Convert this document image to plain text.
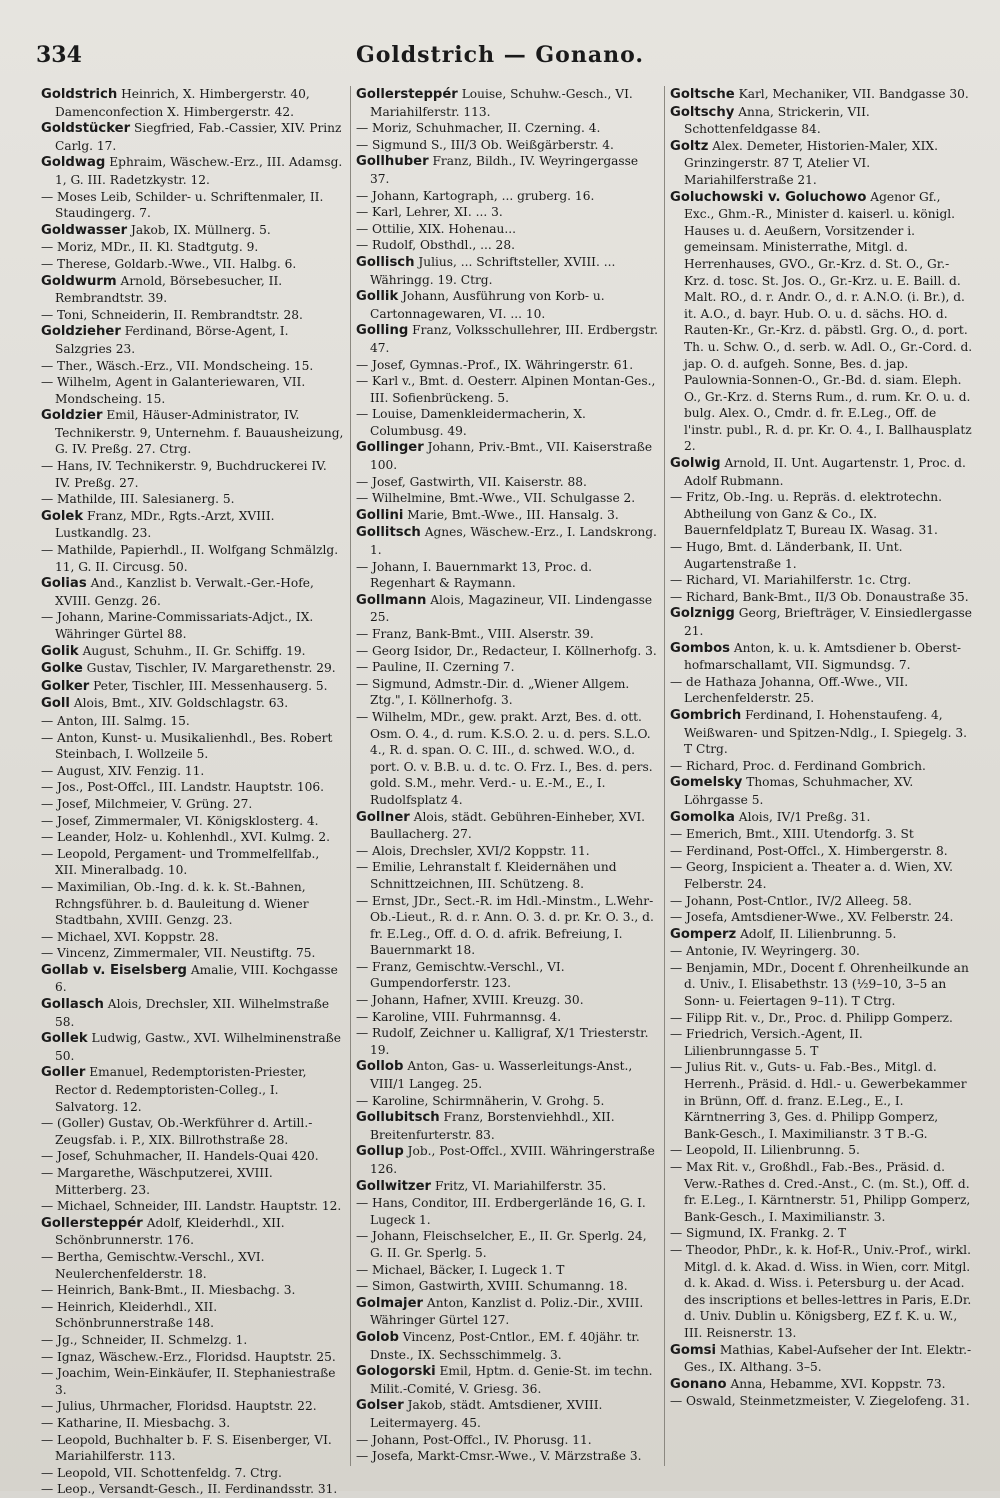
334	Goldstrich — Gonano.

Goldstrich Heinrich, X. Himbergerstr. 40, Damenconfection X. Himbergerstr. 42.

Goldstücker Siegfried, Fab.-Cassier, XIV. Prinz Carlg. 17.

Goldwag Ephraim, Wäschew.-Erz., III. Adamsg. 1, G. III. Radetzkystr. 12.

— Moses Leib, Schilder- u. Schriftenmaler, II. Staudingerg. 7.

Goldwasser Jakob, IX. Müllnerg. 5.

— Moriz, MDr., II. Kl. Stadtgutg. 9.

— Therese, Goldarb.-Wwe., VII. Halbg. 6.

Goldwurm Arnold, Börsebesucher, II. Rembrandtstr. 39.

— Toni, Schneiderin, II. Rembrandtstr. 28.

Goldzieher Ferdinand, Börse-Agent, I. Salzgries 23.

— Ther., Wäsch.-Erz., VII. Mondscheing. 15.

— Wilhelm, Agent in Galanteriewaren, VII. Mondscheing. 15.

Goldzier Emil, Häuser-Administrator, IV. Technikerstr. 9, Unternehm. f. Bauausheizung, G. IV. Preßg. 27. Ctrg.

— Hans, IV. Technikerstr. 9, Buchdruckerei IV. IV. Preßg. 27.

— Mathilde, III. Salesianerg. 5.

Golek Franz, MDr., Rgts.-Arzt, XVIII. Lustkandlg. 23.

— Mathilde, Papierhdl., II. Wolfgang Schmälzlg. 11, G. II. Circusg. 50.

Golias And., Kanzlist b. Verwalt.-Ger.-Hofe, XVIII. Genzg. 26.

— Johann, Marine-Commissariats-Adjct., IX. Währinger Gürtel 88.

Golik August, Schuhm., II. Gr. Schiffg. 19.

Golke Gustav, Tischler, IV. Margarethenstr. 29.

Golker Peter, Tischler, III. Messenhauserg. 5.

Goll Alois, Bmt., XIV. Goldschlagstr. 63.

— Anton, III. Salmg. 15.

— Anton, Kunst- u. Musikalienhdl., Bes. Robert Steinbach, I. Wollzeile 5.

— August, XIV. Fenzig. 11.

— Jos., Post-Offcl., III. Landstr. Hauptstr. 106.

— Josef, Milchmeier, V. Grüng. 27.

— Josef, Zimmermaler, VI. Königsklosterg. 4.

— Leander, Holz- u. Kohlenhdl., XVI. Kulmg. 2.

— Leopold, Pergament- und Trommelfellfab., XII. Mineralbadg. 10.

— Maximilian, Ob.-Ing. d. k. k. St.-Bahnen, Rchngsführer. b. d. Bauleitung d. Wiener Stadtbahn, XVIII. Genzg. 23.

— Michael, XVI. Koppstr. 28.

— Vincenz, Zimmermaler, VII. Neustiftg. 75.

Gollab v. Eiselsberg Amalie, VIII. Kochgasse 6.

Gollasch Alois, Drechsler, XII. Wilhelmstraße 58.

Gollek Ludwig, Gastw., XVI. Wilhelminenstraße 50.

Goller Emanuel, Redemptoristen-Priester, Rector d. Redemptoristen-Colleg., I. Salvatorg. 12.

— (Goller) Gustav, Ob.-Werkführer d. Artill.-Zeugsfab. i. P., XIX. Billrothstraße 28.

— Josef, Schuhmacher, II. Handels-Quai 420.

— Margarethe, Wäschputzerei, XVIII. Mitterberg. 23.

— Michael, Schneider, III. Landstr. Hauptstr. 12.

Gollersteppér Adolf, Kleiderhdl., XII. Schönbrunnerstr. 176.

— Bertha, Gemischtw.-Verschl., XVI. Neulerchenfelderstr. 18.

— Heinrich, Bank-Bmt., II. Miesbachg. 3.

— Heinrich, Kleiderhdl., XII. Schönbrunnerstraße 148.

— Jg., Schneider, II. Schmelzg. 1.

— Ignaz, Wäschew.-Erz., Floridsd. Hauptstr. 25.

— Joachim, Wein-Einkäufer, II. Stephaniestraße 3.

— Julius, Uhrmacher, Floridsd. Hauptstr. 22.

— Katharine, II. Miesbachg. 3.

— Leopold, Buchhalter b. F. S. Eisenberger, VI. Mariahilferstr. 113.

— Leopold, VII. Schottenfeldg. 7. Ctrg.

— Leop., Versandt-Gesch., II. Ferdinandsstr. 31.

Gollersteppér Louise, Schuhw.-Gesch., VI. Mariahilferstr. 113.

— Moriz, Schuhmacher, II. Czerning. 4.

— Sigmund S., III/3 Ob. Weißgärberstr. 4.

Gollhuber Franz, Bildh., IV. Weyringergasse 37.

— Johann, Kartograph, ... gruberg. 16.

— Karl, Lehrer, XI. ... 3.

— Ottilie, XIX. Hohenau...

— Rudolf, Obsthdl., ... 28.

Gollisch Julius, ... Schriftsteller, XVIII. ... Währingg. 19. Ctrg.

Gollik Johann, Ausführung von Korb- u. Cartonnagewaren, VI. ... 10.

Golling Franz, Volksschullehrer, III. Erdbergstr. 47.

— Josef, Gymnas.-Prof., IX. Währingerstr. 61.

— Karl v., Bmt. d. Oesterr. Alpinen Montan-Ges., III. Sofienbrückeng. 5.

— Louise, Damenkleidermacherin, X. Columbusg. 49.

Gollinger Johann, Priv.-Bmt., VII. Kaiserstraße 100.

— Josef, Gastwirth, VII. Kaiserstr. 88.

— Wilhelmine, Bmt.-Wwe., VII. Schulgasse 2.

Gollini Marie, Bmt.-Wwe., III. Hansalg. 3.

Gollitsch Agnes, Wäschew.-Erz., I. Landskrong. 1.

— Johann, I. Bauernmarkt 13, Proc. d. Regenhart & Raymann.

Gollmann Alois, Magazineur, VII. Lindengasse 25.

— Franz, Bank-Bmt., VIII. Alserstr. 39.

— Georg Isidor, Dr., Redacteur, I. Köllnerhofg. 3.

— Pauline, II. Czerning 7.

— Sigmund, Admstr.-Dir. d. „Wiener Allgem. Ztg.", I. Köllnerhofg. 3.

— Wilhelm, MDr., gew. prakt. Arzt, Bes. d. ott. Osm. O. 4., d. rum. K.S.O. 2. u. d. pers. S.L.O. 4., R. d. span. O. C. III., d. schwed. W.O., d. port. O. v. B.B. u. d. tc. O. Frz. I., Bes. d. pers. gold. S.M., mehr. Verd.- u. E.-M., E., I. Rudolfsplatz 4.

Gollner Alois, städt. Gebühren-Einheber, XVI. Baullacherg. 27.

— Alois, Drechsler, XVI/2 Koppstr. 11.

— Emilie, Lehranstalt f. Kleidernähen und Schnittzeichnen, III. Schützeng. 8.

— Ernst, JDr., Sect.-R. im Hdl.-Minstm., L.Wehr-Ob.-Lieut., R. d. r. Ann. O. 3. d. pr. Kr. O. 3., d. fr. E.Leg., Off. d. O. d. afrik. Befreiung, I. Bauernmarkt 18.

— Franz, Gemischtw.-Verschl., VI. Gumpendorferstr. 123.

— Johann, Hafner, XVIII. Kreuzg. 30.

— Karoline, VIII. Fuhrmannsg. 4.

— Rudolf, Zeichner u. Kalligraf, X/1 Triesterstr. 19.

Gollob Anton, Gas- u. Wasserleitungs-Anst., VIII/1 Langeg. 25.

— Karoline, Schirmnäherin, V. Grohg. 5.

Gollubitsch Franz, Borstenviehhdl., XII. Breitenfurterstr. 83.

Gollup Job., Post-Offcl., XVIII. Währingerstraße 126.

Gollwitzer Fritz, VI. Mariahilferstr. 35.

— Hans, Conditor, III. Erdbergerlände 16, G. I. Lugeck 1.

— Johann, Fleischselcher, E., II. Gr. Sperlg. 24, G. II. Gr. Sperlg. 5.

— Michael, Bäcker, I. Lugeck 1. T

— Simon, Gastwirth, XVIII. Schumanng. 18.

Golmajer Anton, Kanzlist d. Poliz.-Dir., XVIII. Währinger Gürtel 127.

Golob Vincenz, Post-Cntlor., EM. f. 40jähr. tr. Dnste., IX. Sechsschimmelg. 3.

Gologorski Emil, Hptm. d. Genie-St. im techn. Milit.-Comité, V. Griesg. 36.

Golser Jakob, städt. Amtsdiener, XVIII. Leitermayerg. 45.

— Johann, Post-Offcl., IV. Phorusg. 11.

— Josefa, Markt-Cmsr.-Wwe., V. Märzstraße 3.

Goltsche Karl, Mechaniker, VII. Bandgasse 30.

Goltschy Anna, Strickerin, VII. Schottenfeldgasse 84.

Goltz Alex. Demeter, Historien-Maler, XIX. Grinzingerstr. 87 T, Atelier VI. Mariahilferstraße 21.

Goluchowski v. Goluchowo Agenor Gf., Exc., Ghm.-R., Minister d. kaiserl. u. königl. Hauses u. d. Aeußern, Vorsitzender i. gemeinsam. Ministerrathe, Mitgl. d. Herrenhauses, GVO., Gr.-Krz. d. St. O., Gr.-Krz. d. tosc. St. Jos. O., Gr.-Krz. u. E. Baill. d. Malt. RO., d. r. Andr. O., d. r. A.N.O. (i. Br.), d. it. A.O., d. bayr. Hub. O. u. d. sächs. HO. d. Rauten-Kr., Gr.-Krz. d. päbstl. Grg. O., d. port. Th. u. Schw. O., d. serb. w. Adl. O., Gr.-Cord. d. jap. O. d. aufgeh. Sonne, Bes. d. jap. Paulownia-Sonnen-O., Gr.-Bd. d. siam. Eleph. O., Gr.-Krz. d. Sterns Rum., d. rum. Kr. O. u. d. bulg. Alex. O., Cmdr. d. fr. E.Leg., Off. de l'instr. publ., R. d. pr. Kr. O. 4., I. Ballhausplatz 2.

Golwig Arnold, II. Unt. Augartenstr. 1, Proc. d. Adolf Rubmann.

— Fritz, Ob.-Ing. u. Repräs. d. elektrotechn. Abtheilung von Ganz & Co., IX. Bauernfeldplatz T, Bureau IX. Wasag. 31.

— Hugo, Bmt. d. Länderbank, II. Unt. Augartenstraße 1.

— Richard, VI. Mariahilferstr. 1c. Ctrg.

— Richard, Bank-Bmt., II/3 Ob. Donaustraße 35.

Golznigg Georg, Briefträger, V. Einsiedlergasse 21.

Gombos Anton, k. u. k. Amtsdiener b. Oberst-hofmarschallamt, VII. Sigmundsg. 7.

— de Hathaza Johanna, Off.-Wwe., VII. Lerchenfelderstr. 25.

Gombrich Ferdinand, I. Hohenstaufeng. 4, Weißwaren- und Spitzen-Ndlg., I. Spiegelg. 3. T Ctrg.

— Richard, Proc. d. Ferdinand Gombrich.

Gomelsky Thomas, Schuhmacher, XV. Löhrgasse 5.

Gomolka Alois, IV/1 Preßg. 31.

— Emerich, Bmt., XIII. Utendorfg. 3. St

— Ferdinand, Post-Offcl., X. Himbergerstr. 8.

— Georg, Inspicient a. Theater a. d. Wien, XV. Felberstr. 24.

— Johann, Post-Cntlor., IV/2 Alleeg. 58.

— Josefa, Amtsdiener-Wwe., XV. Felberstr. 24.

Gomperz Adolf, II. Lilienbrunng. 5.

— Antonie, IV. Weyringerg. 30.

— Benjamin, MDr., Docent f. Ohrenheilkunde an d. Univ., I. Elisabethstr. 13 (½9–10, 3–5 an Sonn- u. Feiertagen 9–11). T Ctrg.

— Filipp Rit. v., Dr., Proc. d. Philipp Gomperz.

— Friedrich, Versich.-Agent, II. Lilienbrunngasse 5. T

— Julius Rit. v., Guts- u. Fab.-Bes., Mitgl. d. Herrenh., Präsid. d. Hdl.- u. Gewerbekammer in Brünn, Off. d. franz. E.Leg., E., I. Kärntnerring 3, Ges. d. Philipp Gomperz, Bank-Gesch., I. Maximilianstr. 3 T B.-G.

— Leopold, II. Lilienbrunng. 5.

— Max Rit. v., Großhdl., Fab.-Bes., Präsid. d. Verw.-Rathes d. Cred.-Anst., C. (m. St.), Off. d. fr. E.Leg., I. Kärntnerstr. 51, Philipp Gomperz, Bank-Gesch., I. Maximilianstr. 3.

— Sigmund, IX. Frankg. 2. T

— Theodor, PhDr., k. k. Hof-R., Univ.-Prof., wirkl. Mitgl. d. k. Akad. d. Wiss. in Wien, corr. Mitgl. d. k. Akad. d. Wiss. i. Petersburg u. der Acad. des inscriptions et belles-lettres in Paris, E.Dr. d. Univ. Dublin u. Königsberg, EZ f. K. u. W., III. Reisnerstr. 13.

Gomsi Mathias, Kabel-Aufseher der Int. Elektr.-Ges., IX. Althang. 3–5.

Gonano Anna, Hebamme, XVI. Koppstr. 73.

— Oswald, Steinmetzmeister, V. Ziegelofeng. 31.
